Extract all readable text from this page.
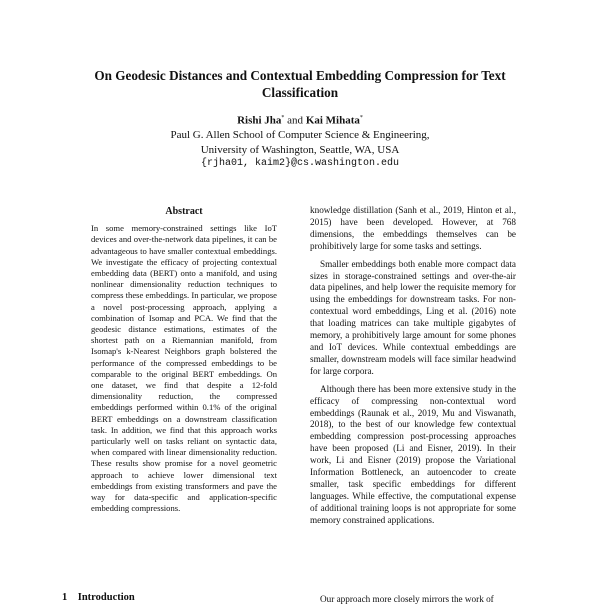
On Geodesic Distances and Contextual Embedding Compression for Text Classification
Rishi Jha* and Kai Mihata*
Paul G. Allen School of Computer Science & Engineering,
University of Washington, Seattle, WA, USA
{rjha01, kaim2}@cs.washington.edu
Abstract

In some memory-constrained settings like IoT devices and over-the-network data pipelines, it can be advantageous to have smaller contextual embeddings. We investigate the efficacy of projecting contextual embedding data (BERT) onto a manifold, and using nonlinear dimensionality reduction techniques to compress these embeddings. In particular, we propose a novel post-processing approach, applying a combination of Isomap and PCA. We find that the geodesic distance estimations, estimates of the shortest path on a Riemannian manifold, from Isomap's k-Nearest Neighbors graph bolstered the performance of the compressed embeddings to be comparable to the original BERT embeddings. On one dataset, we find that despite a 12-fold dimensionality reduction, the compressed embeddings performed within 0.1% of the original BERT embeddings on a downstream classification task. In addition, we find that this approach works particularly well on tasks reliant on syntactic data, when compared with linear dimensionality reduction. These results show promise for a novel geometric approach to achieve lower dimensional text embeddings from existing transformers and pave the way for data-specific and application-specific embedding compressions.

knowledge distillation (Sanh et al., 2019, Hinton et al., 2015) have been developed. However, at 768 dimensions, the embeddings themselves can be prohibitively large for some tasks and settings.

Smaller embeddings both enable more compact data sizes in storage-constrained settings and over-the-air data pipelines, and help lower the requisite memory for using the embeddings for downstream tasks. For non-contextual word embeddings, Ling et al. (2016) note that loading matrices can take multiple gigabytes of memory, a prohibitively large amount for some phones and IoT devices. While contextual embeddings are smaller, downstream models will face similar headwind for large corpora.

Although there has been more extensive study in the efficacy of compressing non-contextual word embeddings (Raunak et al., 2019, Mu and Viswanath, 2018), to the best of our knowledge few contextual embedding compression post-processing approaches have been proposed (Li and Eisner, 2019). In their work, Li and Eisner (2019) propose the Variational Information Bottleneck, an autoencoder to create smaller, task specific embeddings for different languages. While effective, the computational expense of additional training loops is not appropriate for some memory constrained applications.

1 Introduction	Our approach more closely mirrors the work of
